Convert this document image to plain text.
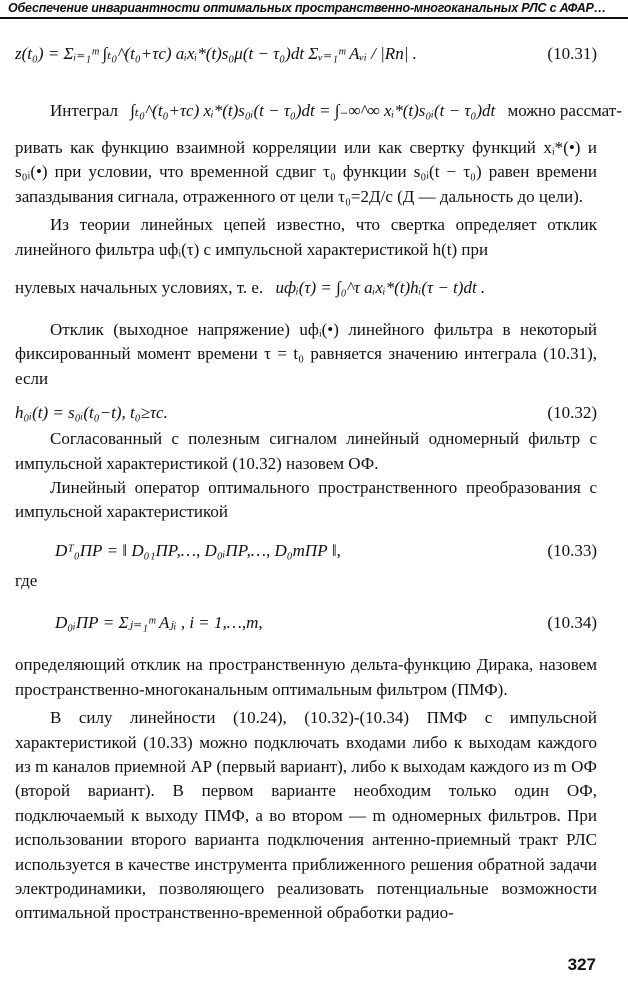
Обеспечение инвариантности оптимальных пространственно-многоканальных РЛС с АФАР…
z(t₀) = Σᵢ₌₁ᵐ ∫ₜ₀^(t₀+τc) aᵢxᵢ*(t)s₀μ(t − τ₀)dt Σᵥ₌₁ᵐ Aᵥᵢ / |Rп| .	(10.31)
Интеграл ∫ₜ₀^(t₀+τc) xᵢ*(t)s₀ᵢ(t − τ₀)dt = ∫₋∞^∞ xᵢ*(t)s₀ᵢ(t − τ₀)dt можно рассмат-

ривать как функцию взаимной корреляции или как свертку функций xᵢ*(•) и s₀ᵢ(•) при условии, что временной сдвиг τ₀ функции s₀ᵢ(t − τ₀) равен времени запаздывания сигнала, отраженного от цели τ₀=2Д/c (Д — дальность до цели).

Из теории линейных цепей известно, что свертка определяет отклик линейного фильтра uфᵢ(τ) с импульсной характеристикой h(t) при

нулевых начальных условиях, т. е. uфᵢ(τ) = ∫₀^τ aᵢxᵢ*(t)hᵢ(τ − t)dt .

Отклик (выходное напряжение) uфᵢ(•) линейного фильтра в некоторый фиксированный момент времени τ = t₀ равняется значению интеграла (10.31), если

h₀ᵢ(t) = s₀ᵢ(t₀−t), t₀≥τc.	(10.32)

Согласованный с полезным сигналом линейный одномерный фильтр с импульсной характеристикой (10.32) назовем ОФ.

Линейный оператор оптимального пространственного преобразования с импульсной характеристикой

Dᵀ₀ПР = ‖ D₀₁ПР,…, D₀ᵢПР,…, D₀mПР ‖,	(10.33)

где

D₀ᵢПР = Σⱼ₌₁ᵐ Aⱼᵢ , i = 1,…,m,	(10.34)

определяющий отклик на пространственную дельта-функцию Дирака, назовем пространственно-многоканальным оптимальным фильтром (ПМФ).

В силу линейности (10.24), (10.32)-(10.34) ПМФ с импульсной характеристикой (10.33) можно подключать входами либо к выходам каждого из m каналов приемной АР (первый вариант), либо к выходам каждого из m ОФ (второй вариант). В первом варианте необходим только один ОФ, подключаемый к выходу ПМФ, а во втором — m одномерных фильтров. При использовании второго варианта подключения антенно-приемный тракт РЛС используется в качестве инструмента приближенного решения обратной задачи электродинамики, позволяющего реализовать потенциальные возможности оптимальной пространственно-временной обработки радио-

327
